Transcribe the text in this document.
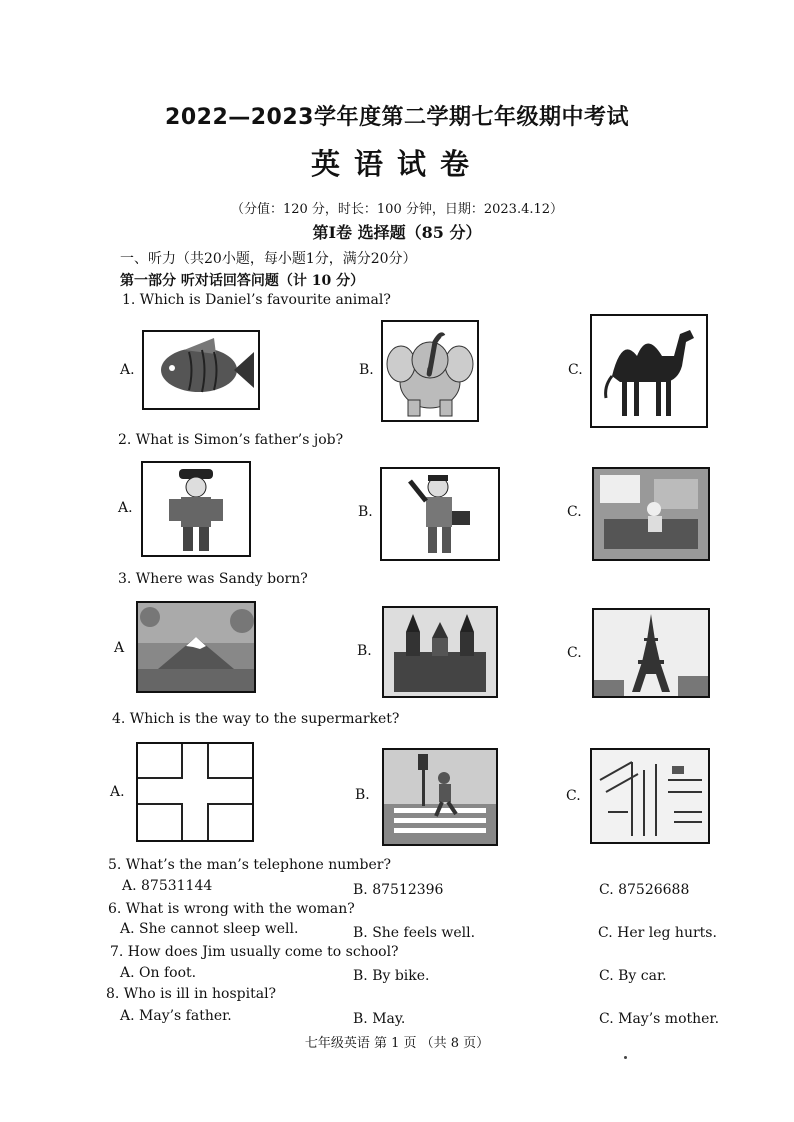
2022—2023学年度第二学期七年级期中考试
英语试卷
（分值：120 分，时长：100 分钟，日期：2023.4.12）
第Ⅰ卷 选择题（85 分）
一、听力（共20小题，每小题1分，满分20分）
第一部分 听对话回答问题（计 10 分）
1. Which is Daniel’s favourite animal?
A.	B.	C.
2. What is Simon’s father’s job?
A.	B.	C.
3. Where was Sandy born?
A	B.	C.
4. Which is the way to the supermarket?
A.	B.	C.
5. What’s the man’s telephone number?
A. 87531144	B. 87512396	C. 87526688
6. What is wrong with the woman?
A. She cannot sleep well.	B. She feels well.	C. Her leg hurts.
7. How does Jim usually come to school?
A. On foot.	B. By bike.	C. By car.
8. Who is ill in hospital?
A. May’s father.	B. May.	C. May’s mother.
七年级英语 第 1 页 （共 8 页）
